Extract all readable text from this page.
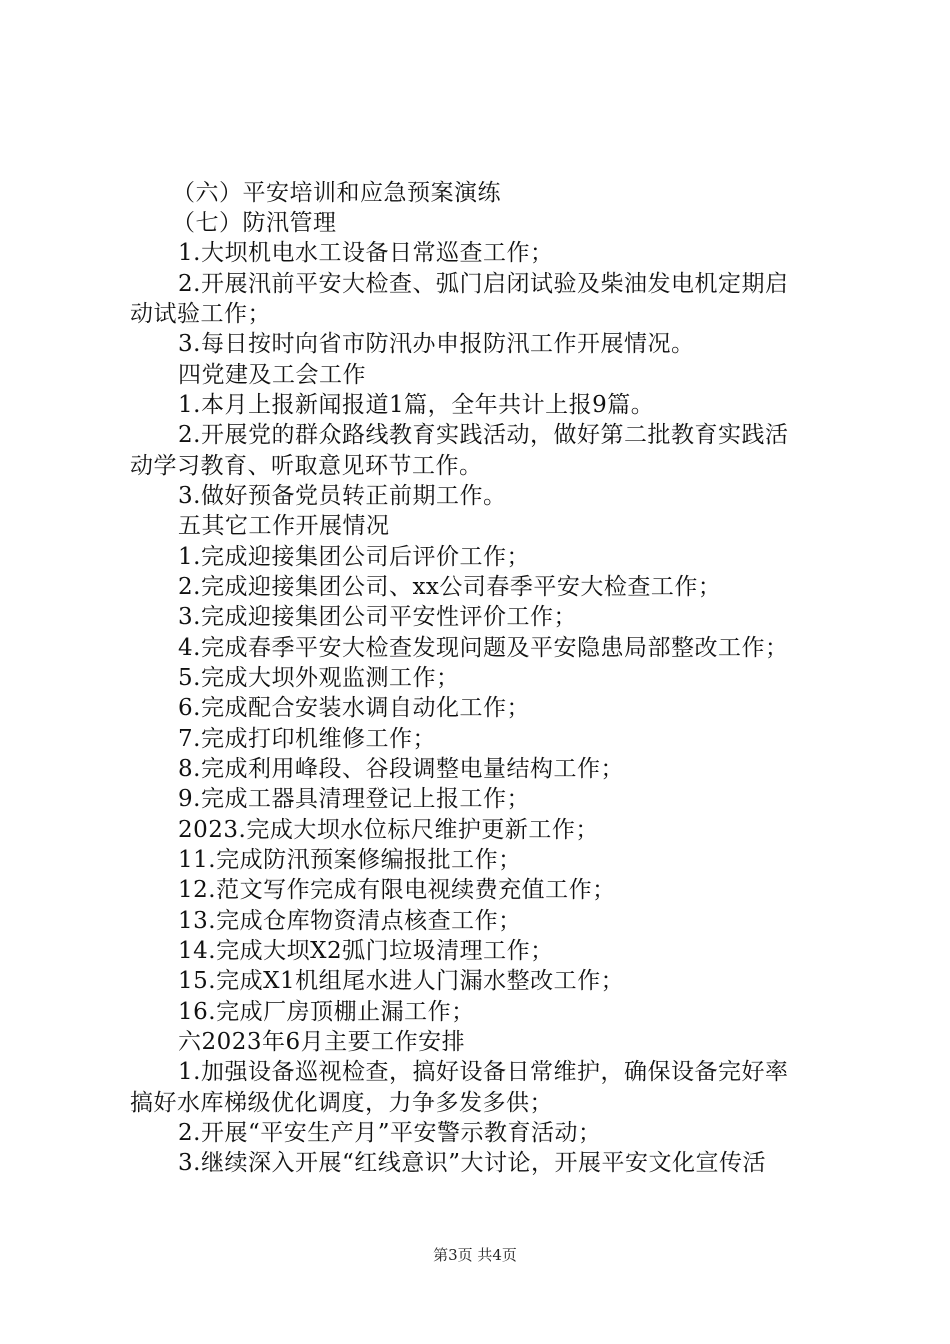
（六）平安培训和应急预案演练
（七）防汛管理
1.大坝机电水工设备日常巡查工作；
2.开展汛前平安大检查、弧门启闭试验及柴油发电机定期启
动试验工作；
3.每日按时向省市防汛办申报防汛工作开展情况。
四党建及工会工作
1.本月上报新闻报道1篇，全年共计上报9篇。
2.开展党的群众路线教育实践活动，做好第二批教育实践活
动学习教育、听取意见环节工作。
3.做好预备党员转正前期工作。
五其它工作开展情况
1.完成迎接集团公司后评价工作；
2.完成迎接集团公司、xx公司春季平安大检查工作；
3.完成迎接集团公司平安性评价工作；
4.完成春季平安大检查发现问题及平安隐患局部整改工作；
5.完成大坝外观监测工作；
6.完成配合安装水调自动化工作；
7.完成打印机维修工作；
8.完成利用峰段、谷段调整电量结构工作；
9.完成工器具清理登记上报工作；
2023.完成大坝水位标尺维护更新工作；
11.完成防汛预案修编报批工作；
12.范文写作完成有限电视续费充值工作；
13.完成仓库物资清点核查工作；
14.完成大坝X2弧门垃圾清理工作；
15.完成X1机组尾水进人门漏水整改工作；
16.完成厂房顶棚止漏工作；
六2023年6月主要工作安排
1.加强设备巡视检查，搞好设备日常维护，确保设备完好率
搞好水库梯级优化调度，力争多发多供；
2.开展“平安生产月”平安警示教育活动；
3.继续深入开展“红线意识”大讨论，开展平安文化宣传活
第3页 共4页
